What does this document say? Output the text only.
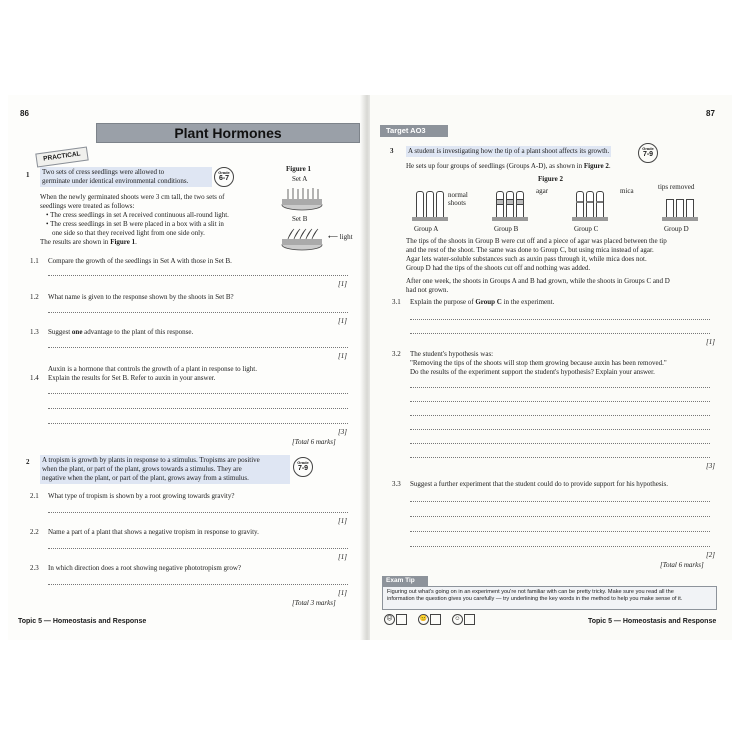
86
Plant Hormones
PRACTICAL
1 Two sets of cress seedlings were allowed to
germinate under identical environmental conditions.
Grade
6-7
When the newly germinated shoots were 3 cm tall, the two sets of
seedlings were treated as follows:
• The cress seedlings in set A received continuous all-round light.
• The cress seedlings in set B were placed in a box with a slit in
one side so that they received light from one side only.
The results are shown in Figure 1.
Figure 1
Set A
Set B
⟵ light
1.1 Compare the growth of the seedlings in Set A with those in Set B.
[1]
1.2 What name is given to the response shown by the shoots in Set B?
[1]
1.3 Suggest one advantage to the plant of this response.
[1]
Auxin is a hormone that controls the growth of a plant in response to light.
1.4 Explain the results for Set B. Refer to auxin in your answer.
[3]
[Total 6 marks]
2 A tropism is growth by plants in response to a stimulus. Tropisms are positive
when the plant, or part of the plant, grows towards a stimulus. They are
negative when the plant, or part of the plant, grows away from a stimulus.
Grade
7-9
2.1 What type of tropism is shown by a root growing towards gravity?
[1]
2.2 Name a part of a plant that shows a negative tropism in response to gravity.
[1]
2.3 In which direction does a root showing negative phototropism grow?
[1]
[Total 3 marks]
Topic 5 — Homeostasis and Response
87
Target AO3
3 A student is investigating how the tip of a plant shoot affects its growth.	Grade
7-9
He sets up four groups of seedlings (Groups A-D), as shown in Figure 2.
Figure 2
agar	mica	tips removed
normal
shoots
Group A	Group B	Group C	Group D
The tips of the shoots in Group B were cut off and a piece of agar was placed between the tip
and the rest of the shoot. The same was done to Group C, but using mica instead of agar.
Agar lets water-soluble substances such as auxin pass through it, while mica does not.
Group D had the tips of the shoots cut off and nothing was added.
After one week, the shoots in Groups A and B had grown, while the shoots in Groups C and D
had not grown.
3.1 Explain the purpose of Group C in the experiment.
[1]
3.2 The student's hypothesis was:
"Removing the tips of the shoots will stop them growing because auxin has been removed."
Do the results of the experiment support the student's hypothesis? Explain your answer.
[3]
3.3 Suggest a further experiment that the student could do to provide support for his hypothesis.
[2]
[Total 6 marks]
Exam Tip
Figuring out what's going on in an experiment you're not familiar with can be pretty tricky. Make sure you read all the
information the question gives you carefully — try underlining the key words in the method to help you make sense of it.
☹	😐	☺	Topic 5 — Homeostasis and Response
